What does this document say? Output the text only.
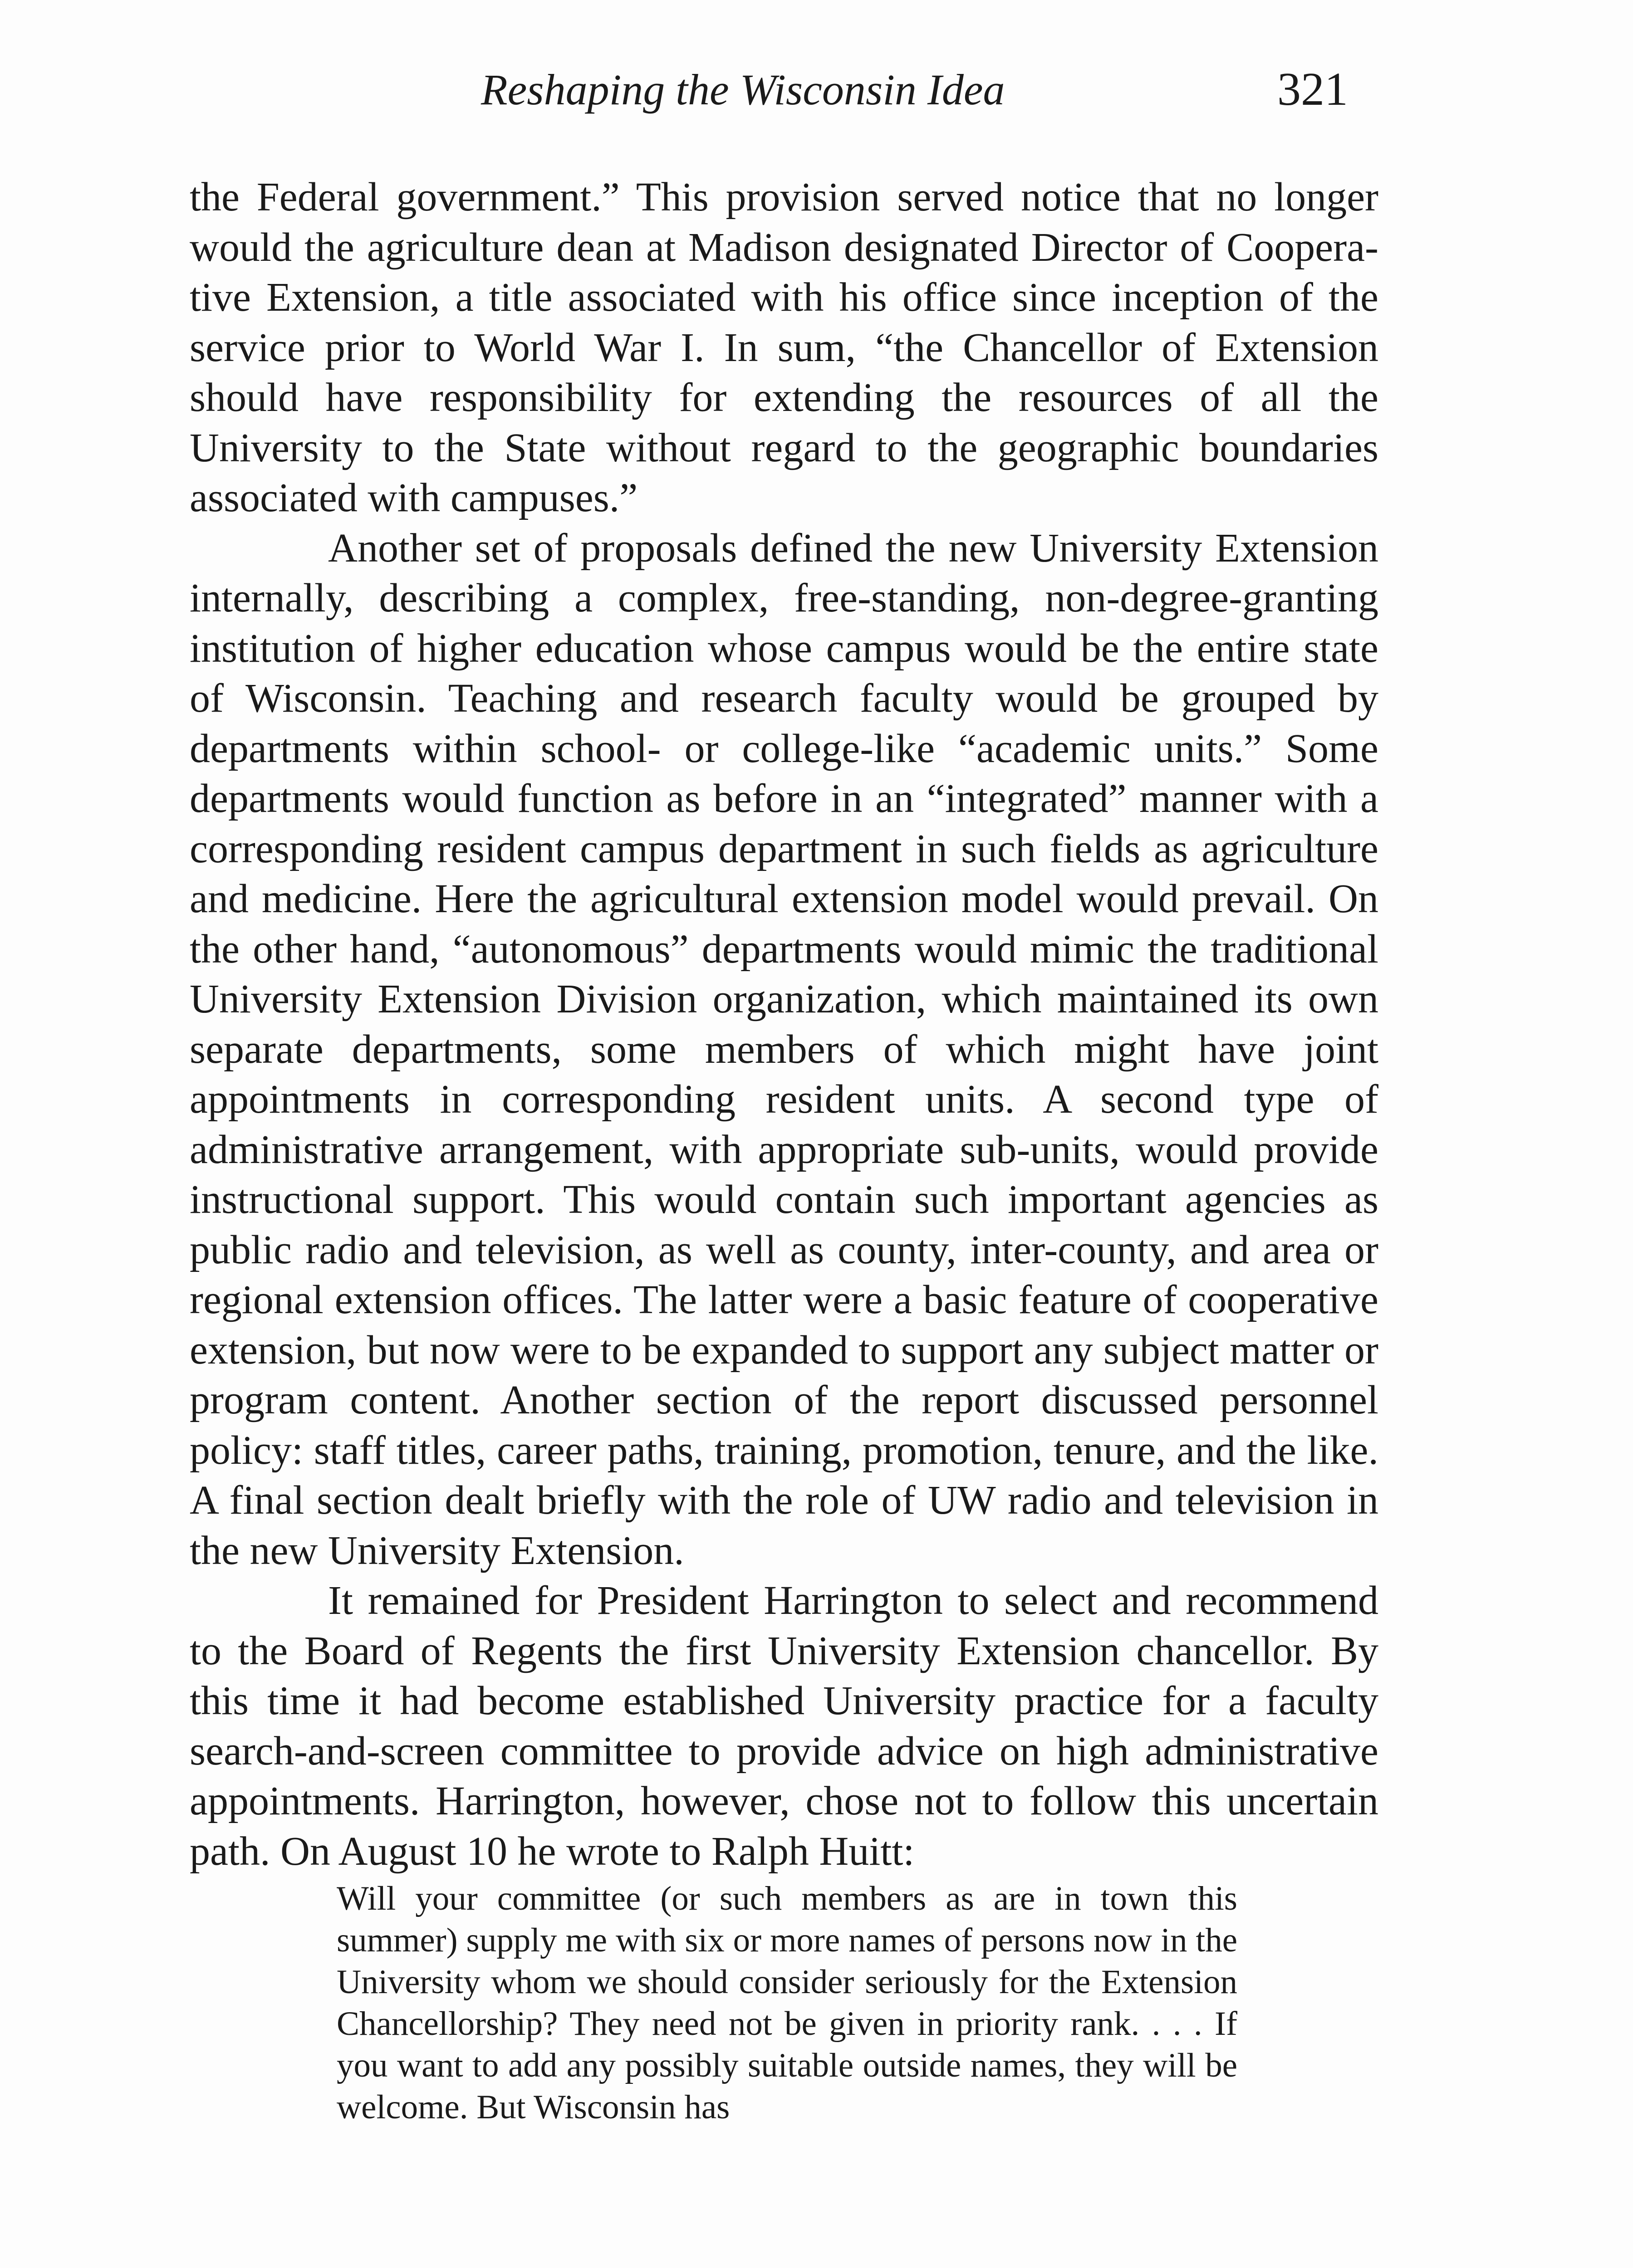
Reshaping the Wisconsin Idea	321

the Federal government.” This provision served notice that no longer would the agriculture dean at Madison designated Director of Coopera-tive Extension, a title associated with his office since inception of the service prior to World War I. In sum, “the Chancellor of Extension should have responsibility for extending the resources of all the University to the State without regard to the geographic boundaries associated with campuses.”

Another set of proposals defined the new University Extension internally, describing a complex, free-standing, non-degree-granting institution of higher education whose campus would be the entire state of Wisconsin. Teaching and research faculty would be grouped by departments within school- or college-like “academic units.” Some departments would function as before in an “integrated” manner with a corresponding resident campus department in such fields as agriculture and medicine. Here the agricultural extension model would prevail. On the other hand, “autonomous” departments would mimic the traditional University Extension Division organization, which maintained its own separate departments, some members of which might have joint appointments in corresponding resident units. A second type of administrative arrangement, with appropriate sub-units, would provide instructional support. This would contain such important agencies as public radio and television, as well as county, inter-county, and area or regional extension offices. The latter were a basic feature of cooperative extension, but now were to be expanded to support any subject matter or program content. Another section of the report discussed personnel policy: staff titles, career paths, training, promotion, tenure, and the like. A final section dealt briefly with the role of UW radio and television in the new University Extension.

It remained for President Harrington to select and recommend to the Board of Regents the first University Extension chancellor. By this time it had become established University practice for a faculty search-and-screen committee to provide advice on high administrative appointments. Harrington, however, chose not to follow this uncertain path. On August 10 he wrote to Ralph Huitt:

Will your committee (or such members as are in town this summer) supply me with six or more names of persons now in the University whom we should consider seriously for the Extension Chancellorship? They need not be given in priority rank. . . . If you want to add any possibly suitable outside names, they will be welcome. But Wisconsin has
